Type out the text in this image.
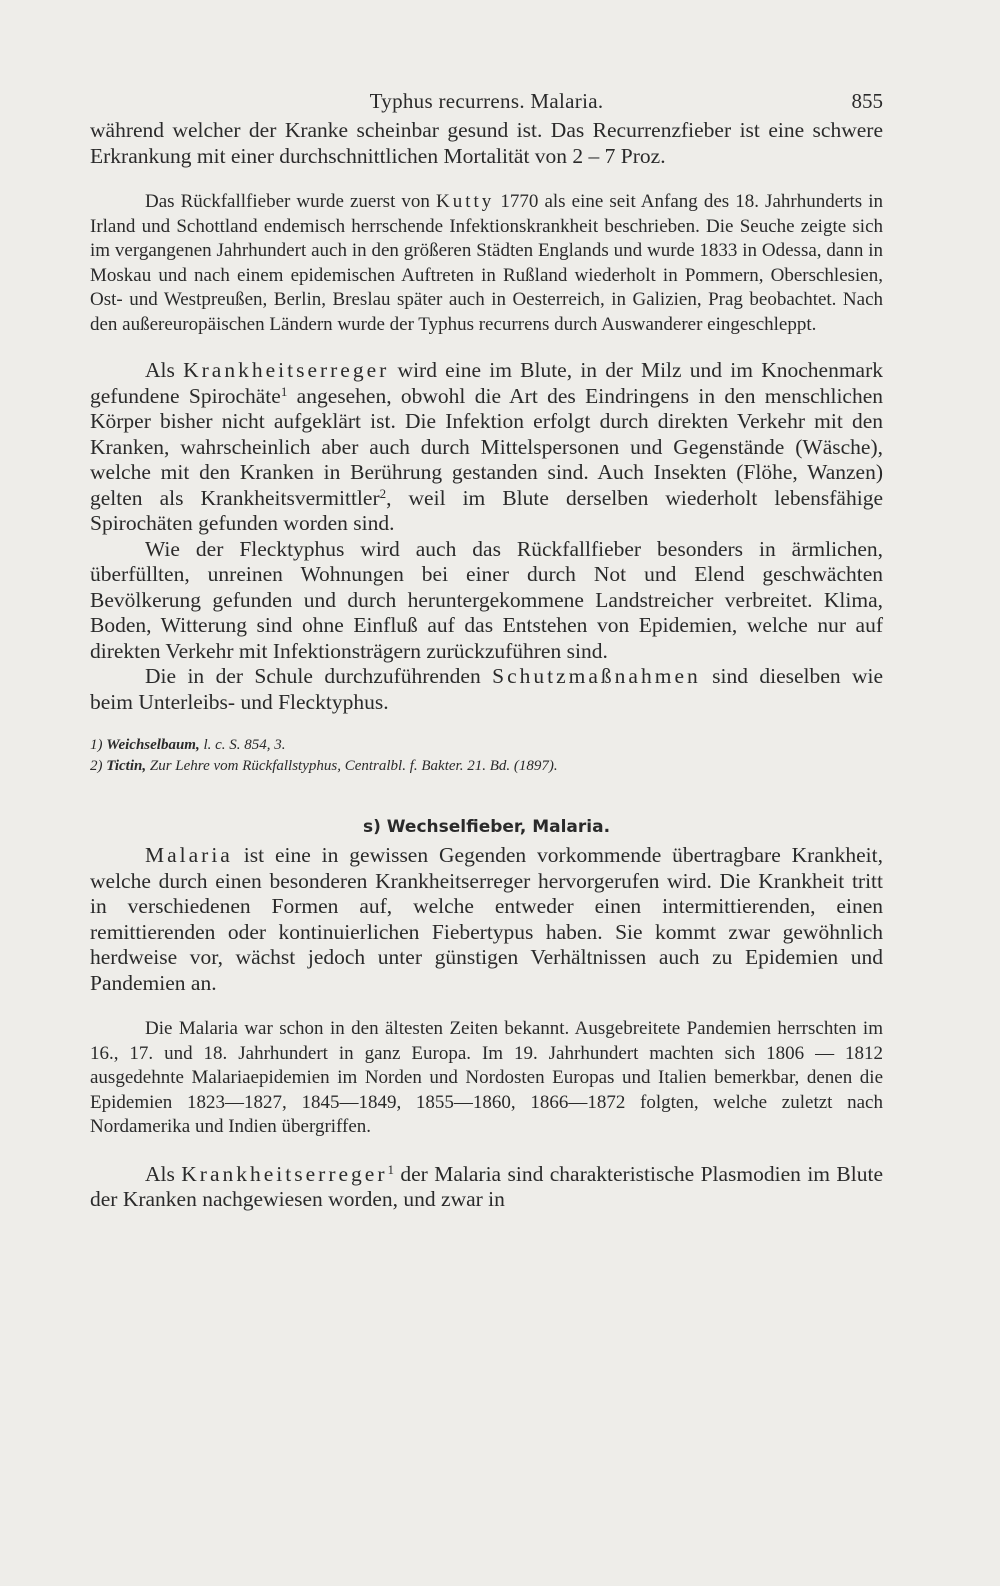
Typhus recurrens. Malaria.	855

während welcher der Kranke scheinbar gesund ist. Das Recurrenzfieber ist eine schwere Erkrankung mit einer durchschnittlichen Mortalität von 2 – 7 Proz.

Das Rückfallfieber wurde zuerst von Kutty 1770 als eine seit Anfang des 18. Jahrhunderts in Irland und Schottland endemisch herrschende Infektionskrankheit beschrieben. Die Seuche zeigte sich im vergangenen Jahrhundert auch in den größeren Städten Englands und wurde 1833 in Odessa, dann in Moskau und nach einem epidemischen Auftreten in Rußland wiederholt in Pommern, Oberschlesien, Ost- und Westpreußen, Berlin, Breslau später auch in Oesterreich, in Galizien, Prag beobachtet. Nach den außereuropäischen Ländern wurde der Typhus recurrens durch Auswanderer eingeschleppt.

Als Krankheitserreger wird eine im Blute, in der Milz und im Knochenmark gefundene Spirochäte$^1$ angesehen, obwohl die Art des Eindringens in den menschlichen Körper bisher nicht aufgeklärt ist. Die Infektion erfolgt durch direkten Verkehr mit den Kranken, wahrscheinlich aber auch durch Mittelspersonen und Gegenstände (Wäsche), welche mit den Kranken in Berührung gestanden sind. Auch Insekten (Flöhe, Wanzen) gelten als Krankheitsvermittler$^2$, weil im Blute derselben wiederholt lebensfähige Spirochäten gefunden worden sind.

Wie der Flecktyphus wird auch das Rückfallfieber besonders in ärmlichen, überfüllten, unreinen Wohnungen bei einer durch Not und Elend geschwächten Bevölkerung gefunden und durch heruntergekommene Landstreicher verbreitet. Klima, Boden, Witterung sind ohne Einfluß auf das Entstehen von Epidemien, welche nur auf direkten Verkehr mit Infektionsträgern zurückzuführen sind.

Die in der Schule durchzuführenden Schutzmaßnahmen sind dieselben wie beim Unterleibs- und Flecktyphus.

1) Weichselbaum, l. c. S. 854, 3.
2) Tictin, Zur Lehre vom Rückfallstyphus, Centralbl. f. Bakter. 21. Bd. (1897).
s) Wechselfieber, Malaria.

Malaria ist eine in gewissen Gegenden vorkommende übertragbare Krankheit, welche durch einen besonderen Krankheitserreger hervorgerufen wird. Die Krankheit tritt in verschiedenen Formen auf, welche entweder einen intermittierenden, einen remittierenden oder kontinuierlichen Fiebertypus haben. Sie kommt zwar gewöhnlich herdweise vor, wächst jedoch unter günstigen Verhältnissen auch zu Epidemien und Pandemien an.

Die Malaria war schon in den ältesten Zeiten bekannt. Ausgebreitete Pandemien herrschten im 16., 17. und 18. Jahrhundert in ganz Europa. Im 19. Jahrhundert machten sich 1806 — 1812 ausgedehnte Malariaepidemien im Norden und Nordosten Europas und Italien bemerkbar, denen die Epidemien 1823—1827, 1845—1849, 1855—1860, 1866—1872 folgten, welche zuletzt nach Nordamerika und Indien übergriffen.

Als Krankheitserreger$^1$ der Malaria sind charakteristische Plasmodien im Blute der Kranken nachgewiesen worden, und zwar in
